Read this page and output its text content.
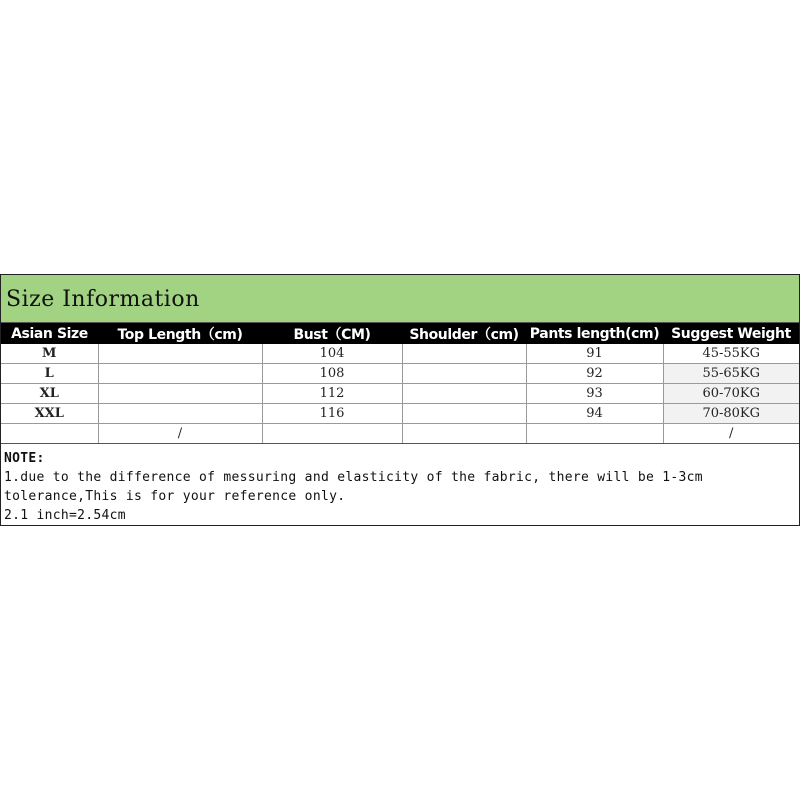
Size Information
Asian Size	Top Length（cm)	Bust（CM)	Shoulder（cm)	Pants length(cm)	Suggest Weight
M		104		91	45-55KG
L		108		92	55-65KG
XL		112		93	60-70KG
XXL		116		94	70-80KG
	/				/
NOTE:
1.due to the difference of messuring and elasticity of the fabric, there will be 1-3cm
tolerance,This is for your reference only.
2.1 inch=2.54cm
